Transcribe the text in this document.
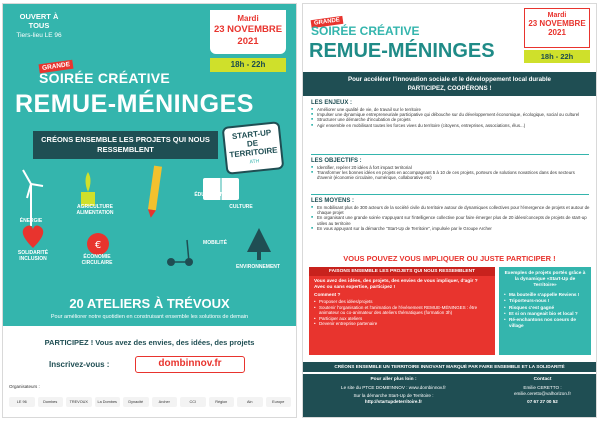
OUVERT À TOUS
Tiers-lieu LE 96
Mardi
23 NOVEMBRE
2021
18h - 22h
GRANDE
SOIRÉE CRÉATIVE
REMUE-MÉNINGES
CRÉONS ENSEMBLE LES PROJETS QUI NOUS RESSEMBLENT
START-UP
DE TERRITOIRE
ATH
€
ÉNERGIE
AGRICULTURE ALIMENTATION
ÉDUCATION
CULTURE
SOLIDARITÉ INCLUSION	ÉCONOMIE CIRCULAIRE
MOBILITÉ
ENVIRONNEMENT
20 ATELIERS À TRÉVOUX
Pour améliorer notre quotidien en construisant ensemble les solutions de demain
PARTICIPEZ ! Vous avez des envies, des idées, des projets
Inscrivez-vous :	dombinnov.fr
Organisateurs :
LE 96	Dombes	TREVOUX	La Dombes	Dynacité	Archer	CCI	Région	Ain	Europe
GRANDE
SOIRÉE CRÉATIVE
REMUE-MÉNINGES
Mardi
23 NOVEMBRE
2021
18h - 22h
Pour accélérer l'innovation sociale et le développement local durable
PARTICIPEZ, COOPÉRONS !
LES ENJEUX :
■ Améliorer une qualité de vie, de travail sur le territoire
■ Impulser une dynamique entrepreneuriale participative qui débouche sur du développement économique, écologique, social ou culturel
■ Structurer une démarche d'incubation de projets
■ Agir ensemble en mobilisant toutes les forces vives du territoire (citoyens, entreprises, associations, élus...)
LES OBJECTIFS :
■ Identifier, repérer 20 idées à fort impact territorial
■ Transformer les bonnes idées en projets en accompagnant 5 à 10 de ces projets, porteurs de solutions novatrices dans des secteurs d'avenir (économie circulaire, numérique, collaborative etc)
LES MOYENS :
■ En mobilisant plus de 300 acteurs de la société civile du territoire autour de dynamiques collectives pour l'émergence de projets et autour de chaque projet
■ En organisant une grande soirée s'appuyant sur l'intelligence collective pour faire émerger plus de 20 idées/concepts de projets de start-up utiles au territoire
■ En vous appuyant sur la démarche "Start-Up de Territoire", impulsée par le Groupe Archer
VOUS POUVEZ VOUS IMPLIQUER OU JUSTE PARTICIPER !
FAISONS ENSEMBLE LES PROJETS QUI NOUS RESSEMBLENT
Vous avez des idées, des projets, des envies de vous impliquer, d'agir ? Avec ou sans expertise, participez !
Comment ?
• Proposer des idées/projets
• Soutenir l'organisation et l'animation de l'événement REMUE-MÉNINGES : être animateur ou co-animateur des ateliers thématiques (formation 3h)
• Participer aux ateliers
• Devenir entreprise partenaire
Exemples de projets portés grâce à la dynamique «Start-Up de Territoire»
• Ma bouteille s'appelle Reviens !
• Triporteurs-nous !
• Risques c'est gagné
• Et si on mangeait bio et local ?
• Ré-enchantons nos coeurs de village
CRÉONS ENSEMBLE UN TERRITOIRE INNOVANT MARQUÉ PAR FAIRE ENSEMBLE ET LA SOLIDARITÉ
Pour aller plus loin :
Le site du PTCE DOMB'INNOV : www.dombinnov.fr
Sur la démarche Start-Up de Territoire :
http://startupdeterritoire.fr
Contact
Emilie CERETTO :
emilie.ceretto@valhorizon.fr
07 67 27 00 52
